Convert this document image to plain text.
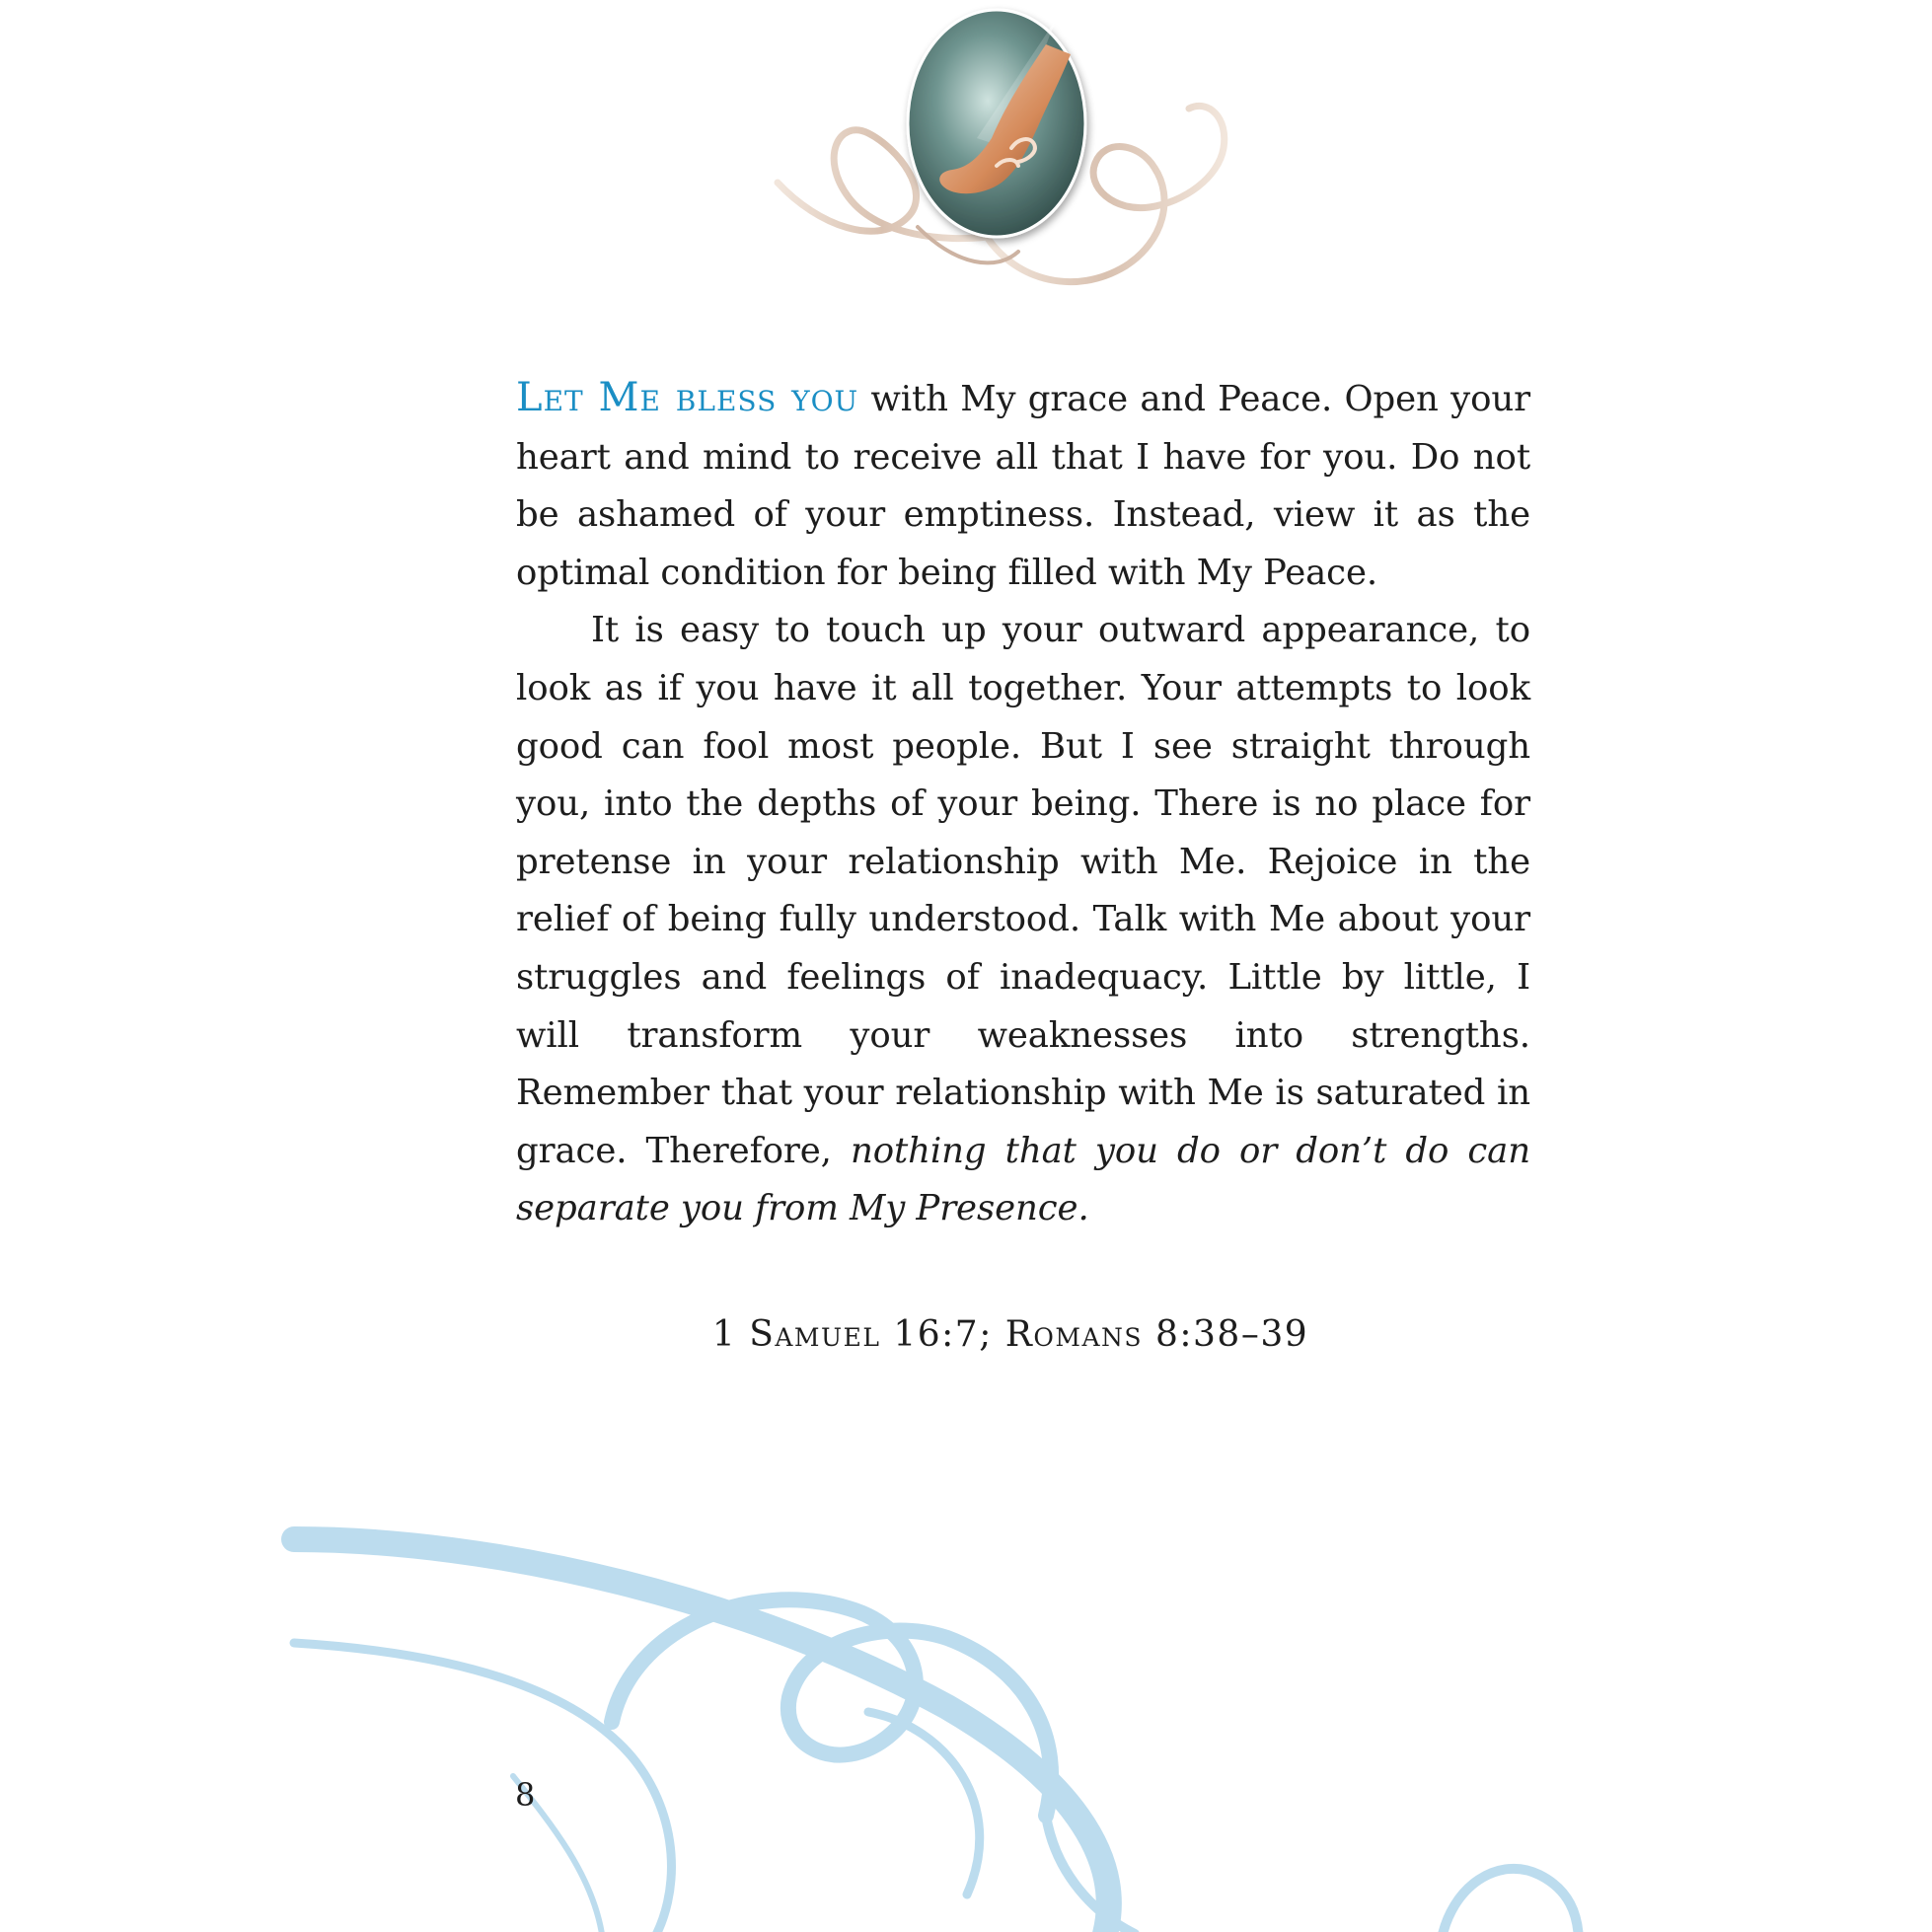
Let Me bless you with My grace and Peace. Open your heart and mind to receive all that I have for you. Do not be ashamed of your emptiness. Instead, view it as the optimal condition for being filled with My Peace.

It is easy to touch up your outward appearance, to look as if you have it all together. Your attempts to look good can fool most people. But I see straight through you, into the depths of your being. There is no place for pretense in your relationship with Me. Rejoice in the relief of being fully understood. Talk with Me about your struggles and feelings of inadequacy. Little by little, I will transform your weaknesses into strengths. Remember that your relationship with Me is saturated in grace. Therefore, nothing that you do or don’t do can separate you from My Presence.

1 Samuel 16:7; Romans 8:38–39
8
